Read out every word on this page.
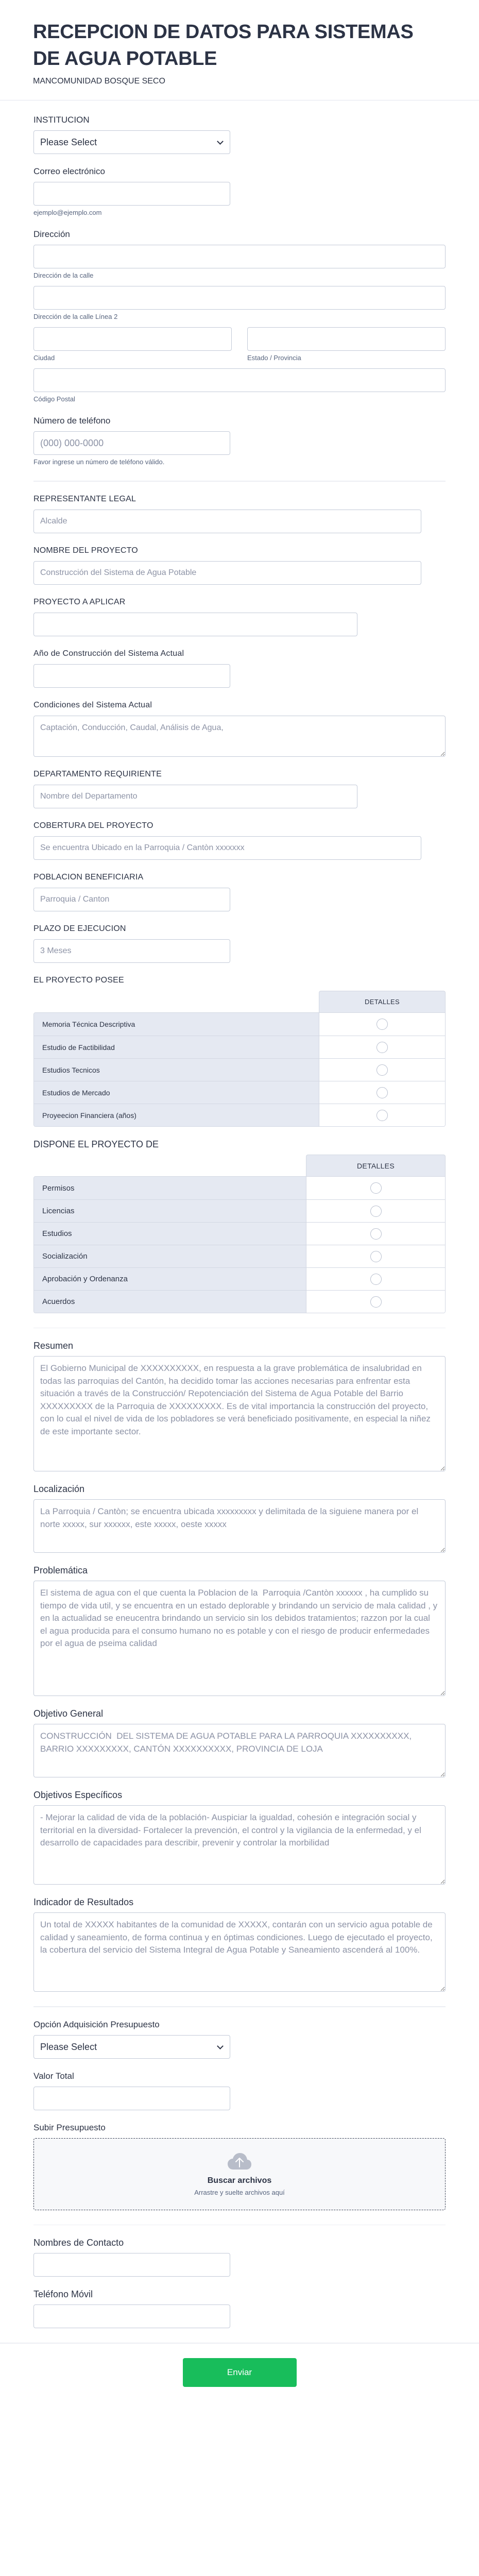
RECEPCION DE DATOS PARA SISTEMAS
DE AGUA POTABLE
MANCOMUNIDAD BOSQUE SECO
INSTITUCION
Please Select
Correo electrónico
ejemplo@ejemplo.com
Dirección
Dirección de la calle
Dirección de la calle Línea 2
Ciudad	Estado / Provincia
Código Postal
Número de teléfono
(000) 000-0000
Favor ingrese un número de teléfono válido.
REPRESENTANTE LEGAL
Alcalde
NOMBRE DEL PROYECTO
Construcción del Sistema de Agua Potable
PROYECTO A APLICAR
Año de Construcción del Sistema Actual
Condiciones del Sistema Actual
Captación, Conducción, Caudal, Análisis de Agua,
DEPARTAMENTO REQUIRIENTE
Nombre del Departamento
COBERTURA DEL PROYECTO
Se encuentra Ubicado en la Parroquia / Cantòn xxxxxxx
POBLACION BENEFICIARIA
Parroquia / Canton
PLAZO DE EJECUCION
3 Meses
EL PROYECTO POSEE
DETALLES
Memoria Técnica Descriptiva
Estudio de Factibilidad
Estudios Tecnicos
Estudios de Mercado
Proyeecion Financiera (años)
DISPONE EL PROYECTO DE
DETALLES
Permisos
Licencias
Estudios
Socialización
Aprobación y Ordenanza
Acuerdos
Resumen
El Gobierno Municipal de XXXXXXXXXX, en respuesta a la grave problemática de insalubridad en todas las parroquias del Cantón, ha decidido tomar las acciones necesarias para enfrentar esta situación a través de la Construcción/ Repotenciación del Sistema de Agua Potable del Barrio XXXXXXXXX de la Parroquia de XXXXXXXXX. Es de vital importancia la construcción del proyecto, con lo cual el nivel de vida de los pobladores se verá beneficiado positivamente, en especial la niñez de este importante sector.
Localización
La Parroquia / Cantòn; se encuentra ubicada xxxxxxxxx y delimitada de la siguiene manera por el norte xxxxx, sur xxxxxx, este xxxxx, oeste xxxxx
Problemática
El sistema de agua con el que cuenta la Poblacion de la Parroquia /Cantòn xxxxxx , ha cumplido su tiempo de vida util, y se encuentra en un estado deplorable y brindando un servicio de mala calidad , y en la actualidad se eneucentra brindando un servicio sin los debidos tratamientos; razzon por la cual el agua producida para el consumo humano no es potable y con el riesgo de producir enfermedades por el agua de pseima calidad
Objetivo General
CONSTRUCCIÓN DEL SISTEMA DE AGUA POTABLE PARA LA PARROQUIA XXXXXXXXXX, BARRIO XXXXXXXXX, CANTÓN XXXXXXXXXX, PROVINCIA DE LOJA
Objetivos Específicos
- Mejorar la calidad de vida de la población- Auspiciar la igualdad, cohesión e integración social y territorial en la diversidad- Fortalecer la prevención, el control y la vigilancia de la enfermedad, y el desarrollo de capacidades para describir, prevenir y controlar la morbilidad
Indicador de Resultados
Un total de XXXXX habitantes de la comunidad de XXXXX, contarán con un servicio agua potable de calidad y saneamiento, de forma continua y en óptimas condiciones. Luego de ejecutado el proyecto, la cobertura del servicio del Sistema Integral de Agua Potable y Saneamiento ascenderá al 100%.
Opción Adquisición Presupuesto
Please Select
Valor Total
Subir Presupuesto
Buscar archivos
Arrastre y suelte archivos aquí
Nombres de Contacto
Teléfono Móvil
Enviar
